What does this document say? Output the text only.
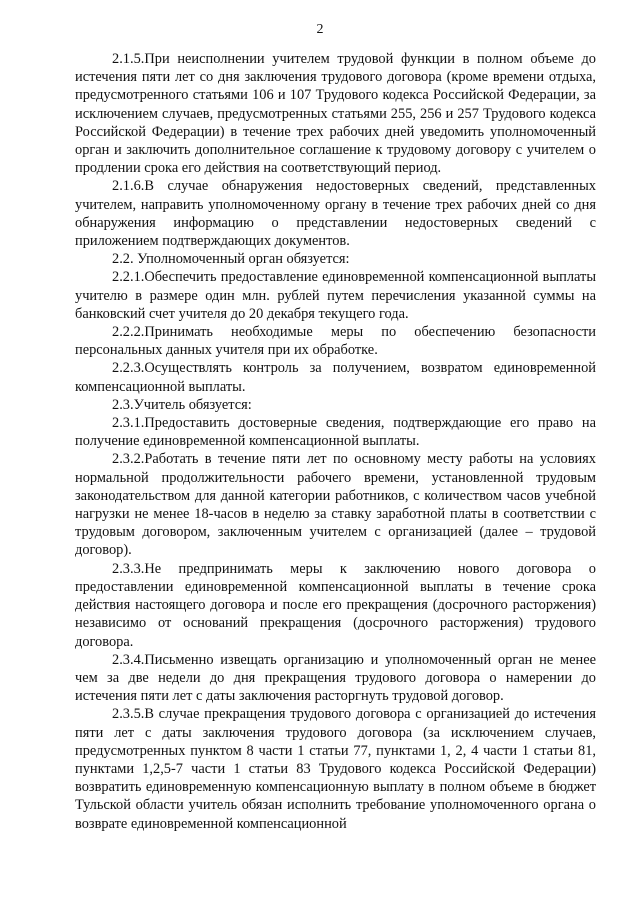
2

2.1.5.При неисполнении учителем трудовой функции в полном объеме до истечения пяти лет со дня заключения трудового договора (кроме времени отдыха, предусмотренного статьями 106 и 107 Трудового кодекса Российской Федерации, за исключением случаев, предусмотренных статьями 255, 256 и 257 Трудового кодекса Российской Федерации) в течение трех рабочих дней уведомить уполномоченный орган и заключить дополнительное соглашение к трудовому договору с учителем о продлении срока его действия на соответствующий период.

2.1.6.В случае обнаружения недостоверных сведений, представленных учителем, направить уполномоченному органу в течение трех рабочих дней со дня обнаружения информацию о представлении недостоверных сведений с приложением подтверждающих документов.

2.2. Уполномоченный орган обязуется:

2.2.1.Обеспечить предоставление единовременной компенсационной выплаты учителю в размере один млн. рублей путем перечисления указанной суммы на банковский счет учителя до 20 декабря текущего года.

2.2.2.Принимать необходимые меры по обеспечению безопасности персональных данных учителя при их обработке.

2.2.3.Осуществлять контроль за получением, возвратом единовременной компенсационной выплаты.

2.3.Учитель обязуется:

2.3.1.Предоставить достоверные сведения, подтверждающие его право на получение единовременной компенсационной выплаты.

2.3.2.Работать в течение пяти лет по основному месту работы на условиях нормальной продолжительности рабочего времени, установленной трудовым законодательством для данной категории работников, с количеством часов учебной нагрузки не менее 18-часов в неделю за ставку заработной платы в соответствии с трудовым договором, заключенным учителем с организацией (далее – трудовой договор).

2.3.3.Не предпринимать меры к заключению нового договора о предоставлении единовременной компенсационной выплаты в течение срока действия настоящего договора и после его прекращения (досрочного расторжения) независимо от оснований прекращения (досрочного расторжения) трудового договора.

2.3.4.Письменно извещать организацию и уполномоченный орган не менее чем за две недели до дня прекращения трудового договора о намерении до истечения пяти лет с даты заключения расторгнуть трудовой договор.

2.3.5.В случае прекращения трудового договора с организацией до истечения пяти лет с даты заключения трудового договора (за исключением случаев, предусмотренных пунктом 8 части 1 статьи 77, пунктами 1, 2, 4 части 1 статьи 81, пунктами 1,2,5-7 части 1 статьи 83 Трудового кодекса Российской Федерации) возвратить единовременную компенсационную выплату в полном объеме в бюджет Тульской области учитель обязан исполнить требование уполномоченного органа о возврате единовременной компенсационной
